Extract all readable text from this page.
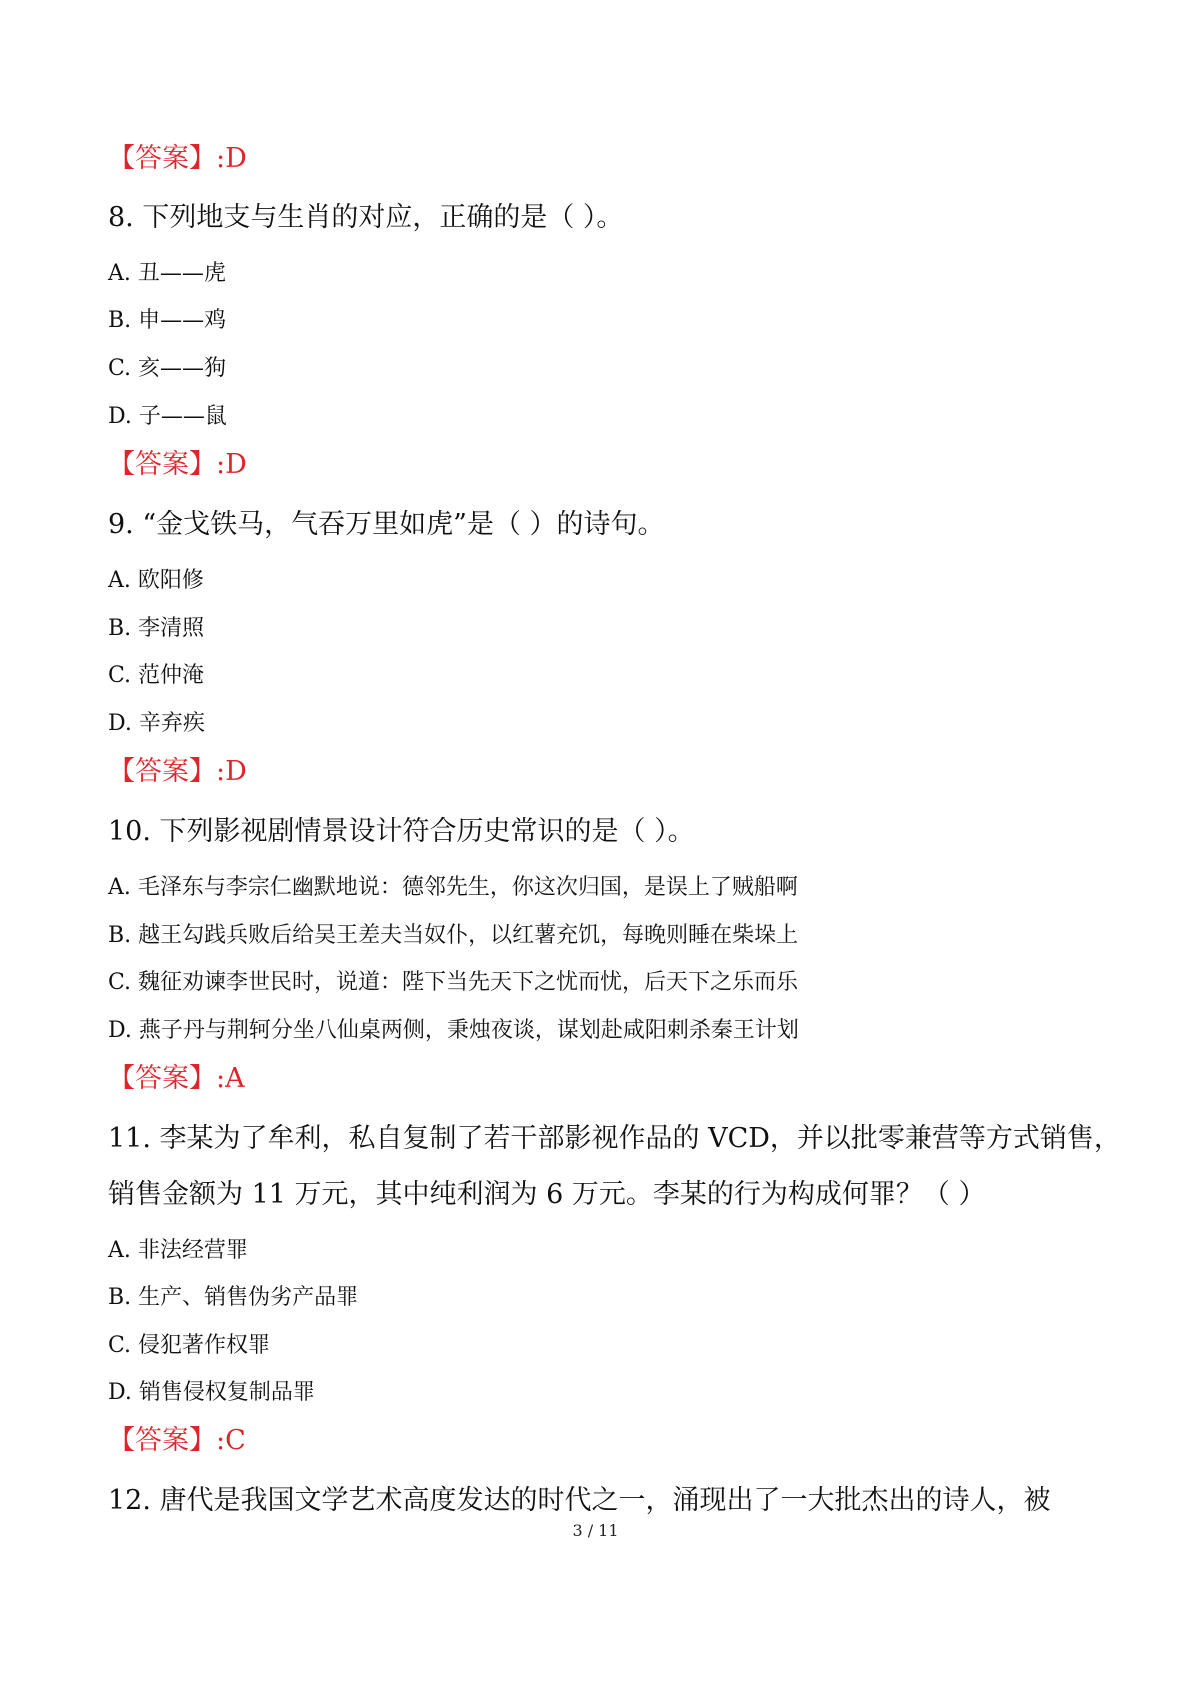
【答案】:D
8. 下列地支与生肖的对应，正确的是（ ）。
A. 丑——虎
B. 申——鸡
C. 亥——狗
D. 子——鼠
【答案】:D
9. “金戈铁马，气吞万里如虎”是（ ）的诗句。
A. 欧阳修
B. 李清照
C. 范仲淹
D. 辛弃疾
【答案】:D
10. 下列影视剧情景设计符合历史常识的是（ ）。
A. 毛泽东与李宗仁幽默地说：德邻先生，你这次归国，是误上了贼船啊
B. 越王勾践兵败后给吴王差夫当奴仆，以红薯充饥，每晚则睡在柴垛上
C. 魏征劝谏李世民时，说道：陛下当先天下之忧而忧，后天下之乐而乐
D. 燕子丹与荆轲分坐八仙桌两侧，秉烛夜谈，谋划赴咸阳刺杀秦王计划
【答案】:A
11. 李某为了牟利，私自复制了若干部影视作品的 VCD，并以批零兼营等方式销售，
销售金额为 11 万元，其中纯利润为 6 万元。李某的行为构成何罪？（ ）
A. 非法经营罪
B. 生产、销售伪劣产品罪
C. 侵犯著作权罪
D. 销售侵权复制品罪
【答案】:C
12. 唐代是我国文学艺术高度发达的时代之一，涌现出了一大批杰出的诗人，被
3 / 11
